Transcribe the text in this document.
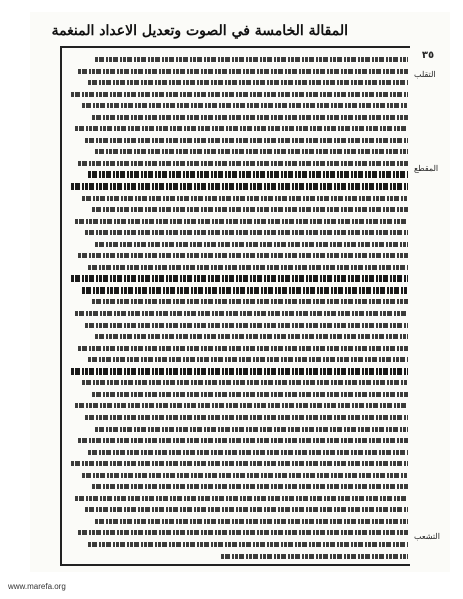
المقالة الخامسة في الصوت وتعديل الاعداد المنغمة
٣٥
التقلب
المقطع
التشعب
www.marefa.org
